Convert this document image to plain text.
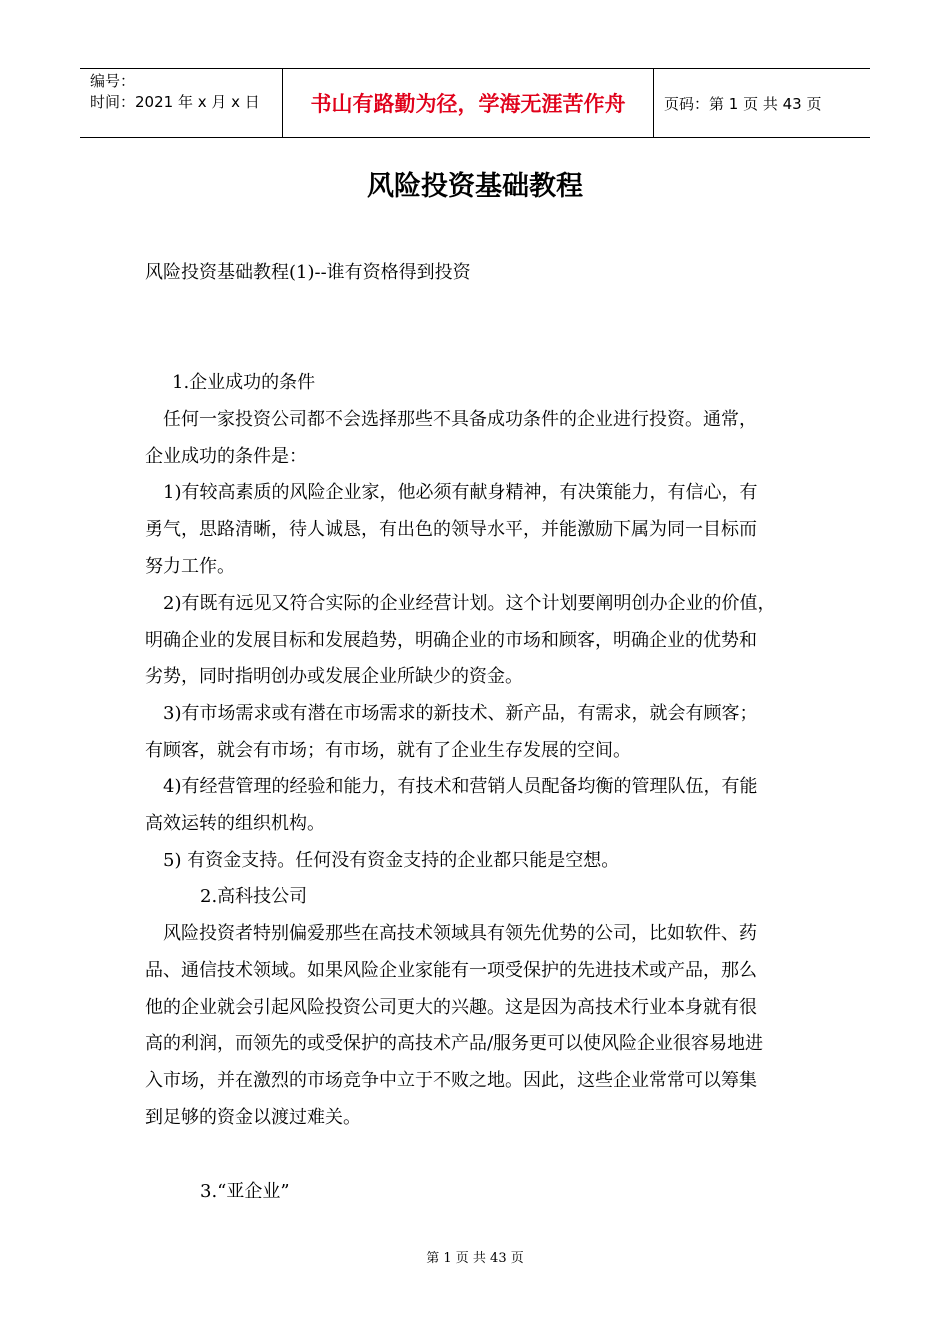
编号：
时间：2021 年 x 月 x 日	书山有路勤为径，学海无涯苦作舟	页码：第 1 页 共 43 页
风险投资基础教程
风险投资基础教程(1)--谁有资格得到投资
1.企业成功的条件
任何一家投资公司都不会选择那些不具备成功条件的企业进行投资。通常，
企业成功的条件是：
1)有较高素质的风险企业家，他必须有献身精神，有决策能力，有信心，有
勇气，思路清晰，待人诚恳，有出色的领导水平，并能激励下属为同一目标而
努力工作。
2)有既有远见又符合实际的企业经营计划。这个计划要阐明创办企业的价值，
明确企业的发展目标和发展趋势，明确企业的市场和顾客，明确企业的优势和
劣势，同时指明创办或发展企业所缺少的资金。
3)有市场需求或有潜在市场需求的新技术、新产品，有需求，就会有顾客；
有顾客，就会有市场；有市场，就有了企业生存发展的空间。
4)有经营管理的经验和能力，有技术和营销人员配备均衡的管理队伍，有能
高效运转的组织机构。
5) 有资金支持。任何没有资金支持的企业都只能是空想。
2.高科技公司
风险投资者特别偏爱那些在高技术领域具有领先优势的公司，比如软件、药
品、通信技术领域。如果风险企业家能有一项受保护的先进技术或产品，那么
他的企业就会引起风险投资公司更大的兴趣。这是因为高技术行业本身就有很
高的利润，而领先的或受保护的高技术产品/服务更可以使风险企业很容易地进
入市场，并在激烈的市场竞争中立于不败之地。因此，这些企业常常可以筹集
到足够的资金以渡过难关。
3.“亚企业”
第 1 页 共 43 页
